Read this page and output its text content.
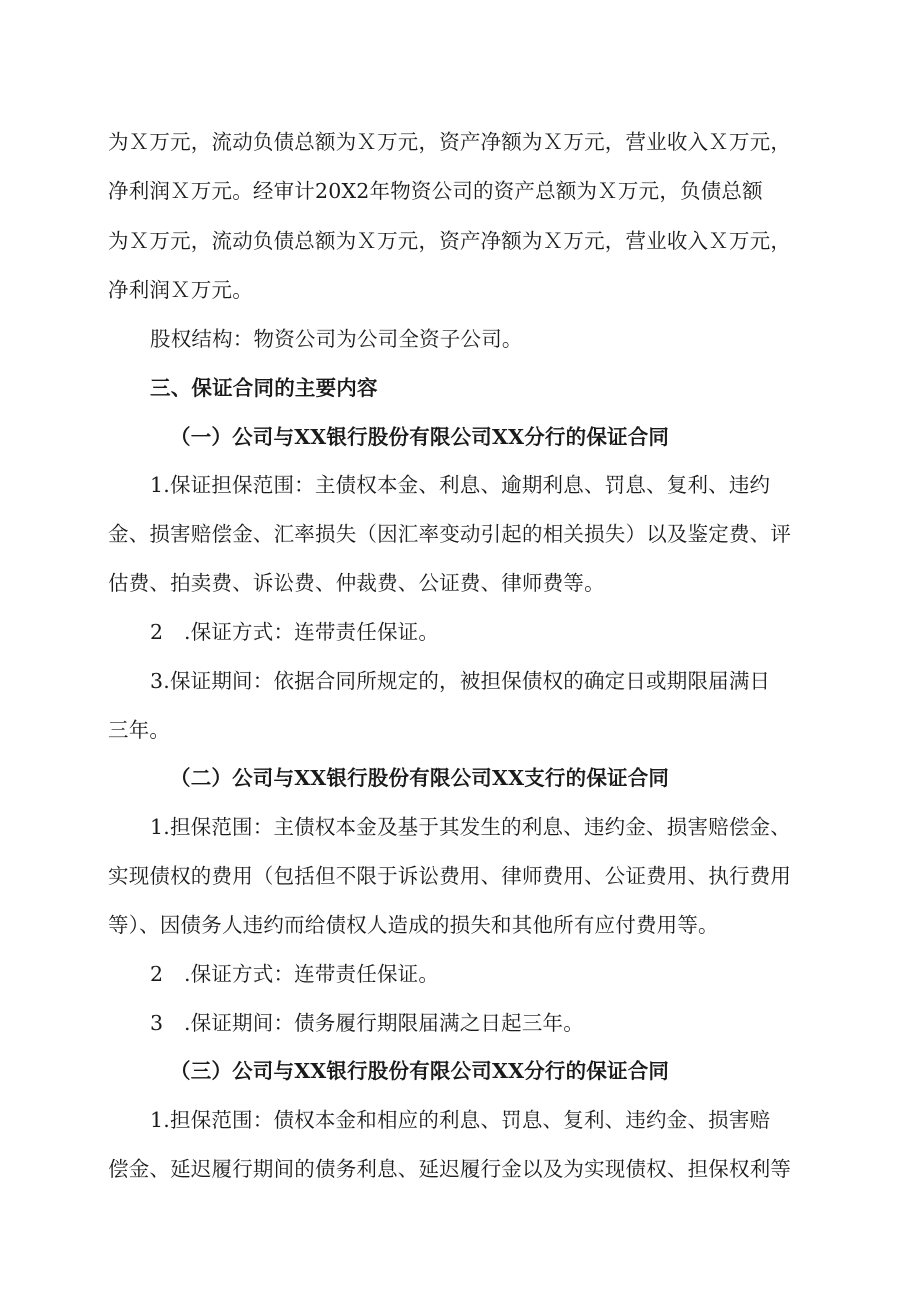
为Ｘ万元，流动负债总额为Ｘ万元，资产净额为Ｘ万元，营业收入Ｘ万元，
净利润Ｘ万元。经审计20X2年物资公司的资产总额为Ｘ万元，负债总额
为Ｘ万元，流动负债总额为Ｘ万元，资产净额为Ｘ万元，营业收入Ｘ万元，
净利润Ｘ万元。
股权结构：物资公司为公司全资子公司。
三、保证合同的主要内容
（一）公司与XX银行股份有限公司XX分行的保证合同
1.保证担保范围：主债权本金、利息、逾期利息、罚息、复利、违约
金、损害赔偿金、汇率损失（因汇率变动引起的相关损失）以及鉴定费、评
估费、拍卖费、诉讼费、仲裁费、公证费、律师费等。
2　.保证方式：连带责任保证。
3.保证期间：依据合同所规定的，被担保债权的确定日或期限届满日
三年。
（二）公司与XX银行股份有限公司XX支行的保证合同
1.担保范围：主债权本金及基于其发生的利息、违约金、损害赔偿金、
实现债权的费用（包括但不限于诉讼费用、律师费用、公证费用、执行费用
等）、因债务人违约而给债权人造成的损失和其他所有应付费用等。
2　.保证方式：连带责任保证。
3　.保证期间：债务履行期限届满之日起三年。
（三）公司与XX银行股份有限公司XX分行的保证合同
1.担保范围：债权本金和相应的利息、罚息、复利、违约金、损害赔
偿金、延迟履行期间的债务利息、延迟履行金以及为实现债权、担保权利等
